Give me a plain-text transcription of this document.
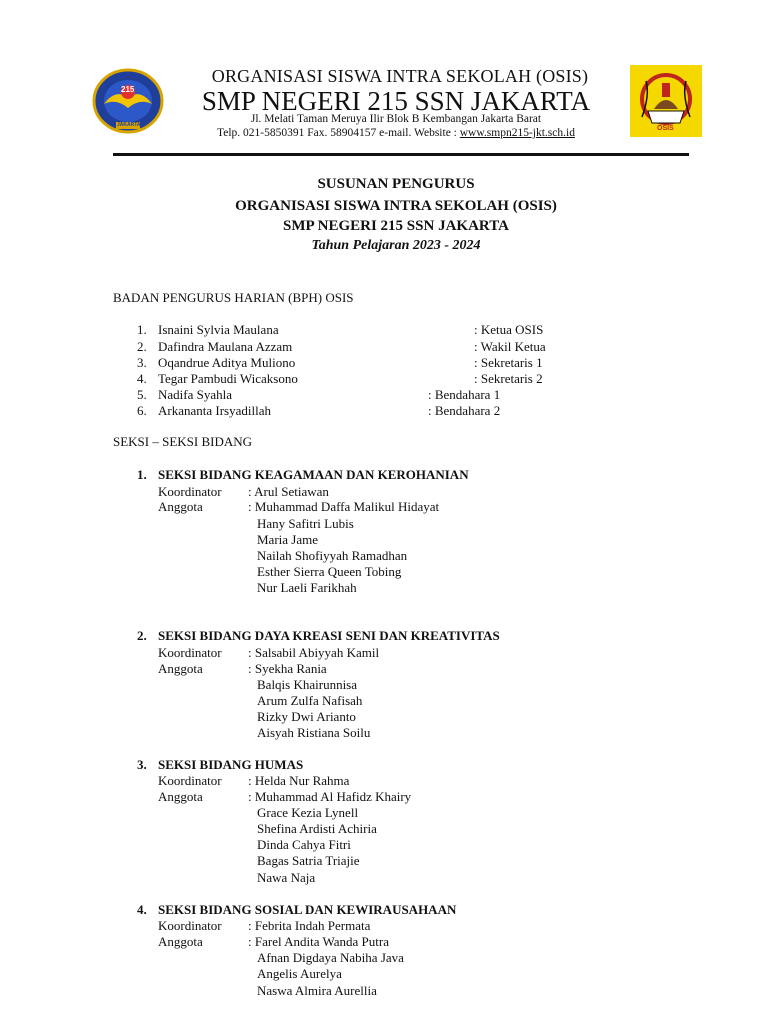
215
JAKARTA	OSIS
ORGANISASI SISWA INTRA SEKOLAH (OSIS)
SMP NEGERI 215 SSN JAKARTA
Jl. Melati Taman Meruya Ilir Blok B Kembangan Jakarta Barat
Telp. 021-5850391 Fax. 58904157 e-mail. Website : www.smpn215-jkt.sch.id
SUSUNAN PENGURUS
ORGANISASI SISWA INTRA SEKOLAH (OSIS)
SMP NEGERI 215 SSN JAKARTA
Tahun Pelajaran 2023 - 2024
BADAN PENGURUS HARIAN (BPH) OSIS
1. Isnaini Sylvia Maulana	: Ketua OSIS
2. Dafindra Maulana Azzam	: Wakil Ketua
3. Oqandrue Aditya Muliono	: Sekretaris 1
4. Tegar Pambudi Wicaksono	: Sekretaris 2
5. Nadifa Syahla	: Bendahara 1
6. Arkananta Irsyadillah	: Bendahara 2
SEKSI – SEKSI BIDANG
1. SEKSI BIDANG KEAGAMAAN DAN KEROHANIAN
Koordinator : Arul Setiawan
Anggota	: Muhammad Daffa Malikul Hidayat
Hany Safitri Lubis
Maria Jame
Nailah Shofiyyah Ramadhan
Esther Sierra Queen Tobing
Nur Laeli Farikhah
2. SEKSI BIDANG DAYA KREASI SENI DAN KREATIVITAS
Koordinator : Salsabil Abiyyah Kamil
Anggota	: Syekha Rania
Balqis Khairunnisa
Arum Zulfa Nafisah
Rizky Dwi Arianto
Aisyah Ristiana Soilu
3. SEKSI BIDANG HUMAS
Koordinator : Helda Nur Rahma
Anggota	: Muhammad Al Hafidz Khairy
Grace Kezia Lynell
Shefina Ardisti Achiria
Dinda Cahya Fitri
Bagas Satria Triajie
Nawa Naja
4. SEKSI BIDANG SOSIAL DAN KEWIRAUSAHAAN
Koordinator : Febrita Indah Permata
Anggota	: Farel Andita Wanda Putra
Afnan Digdaya Nabiha Java
Angelis Aurelya
Naswa Almira Aurellia
